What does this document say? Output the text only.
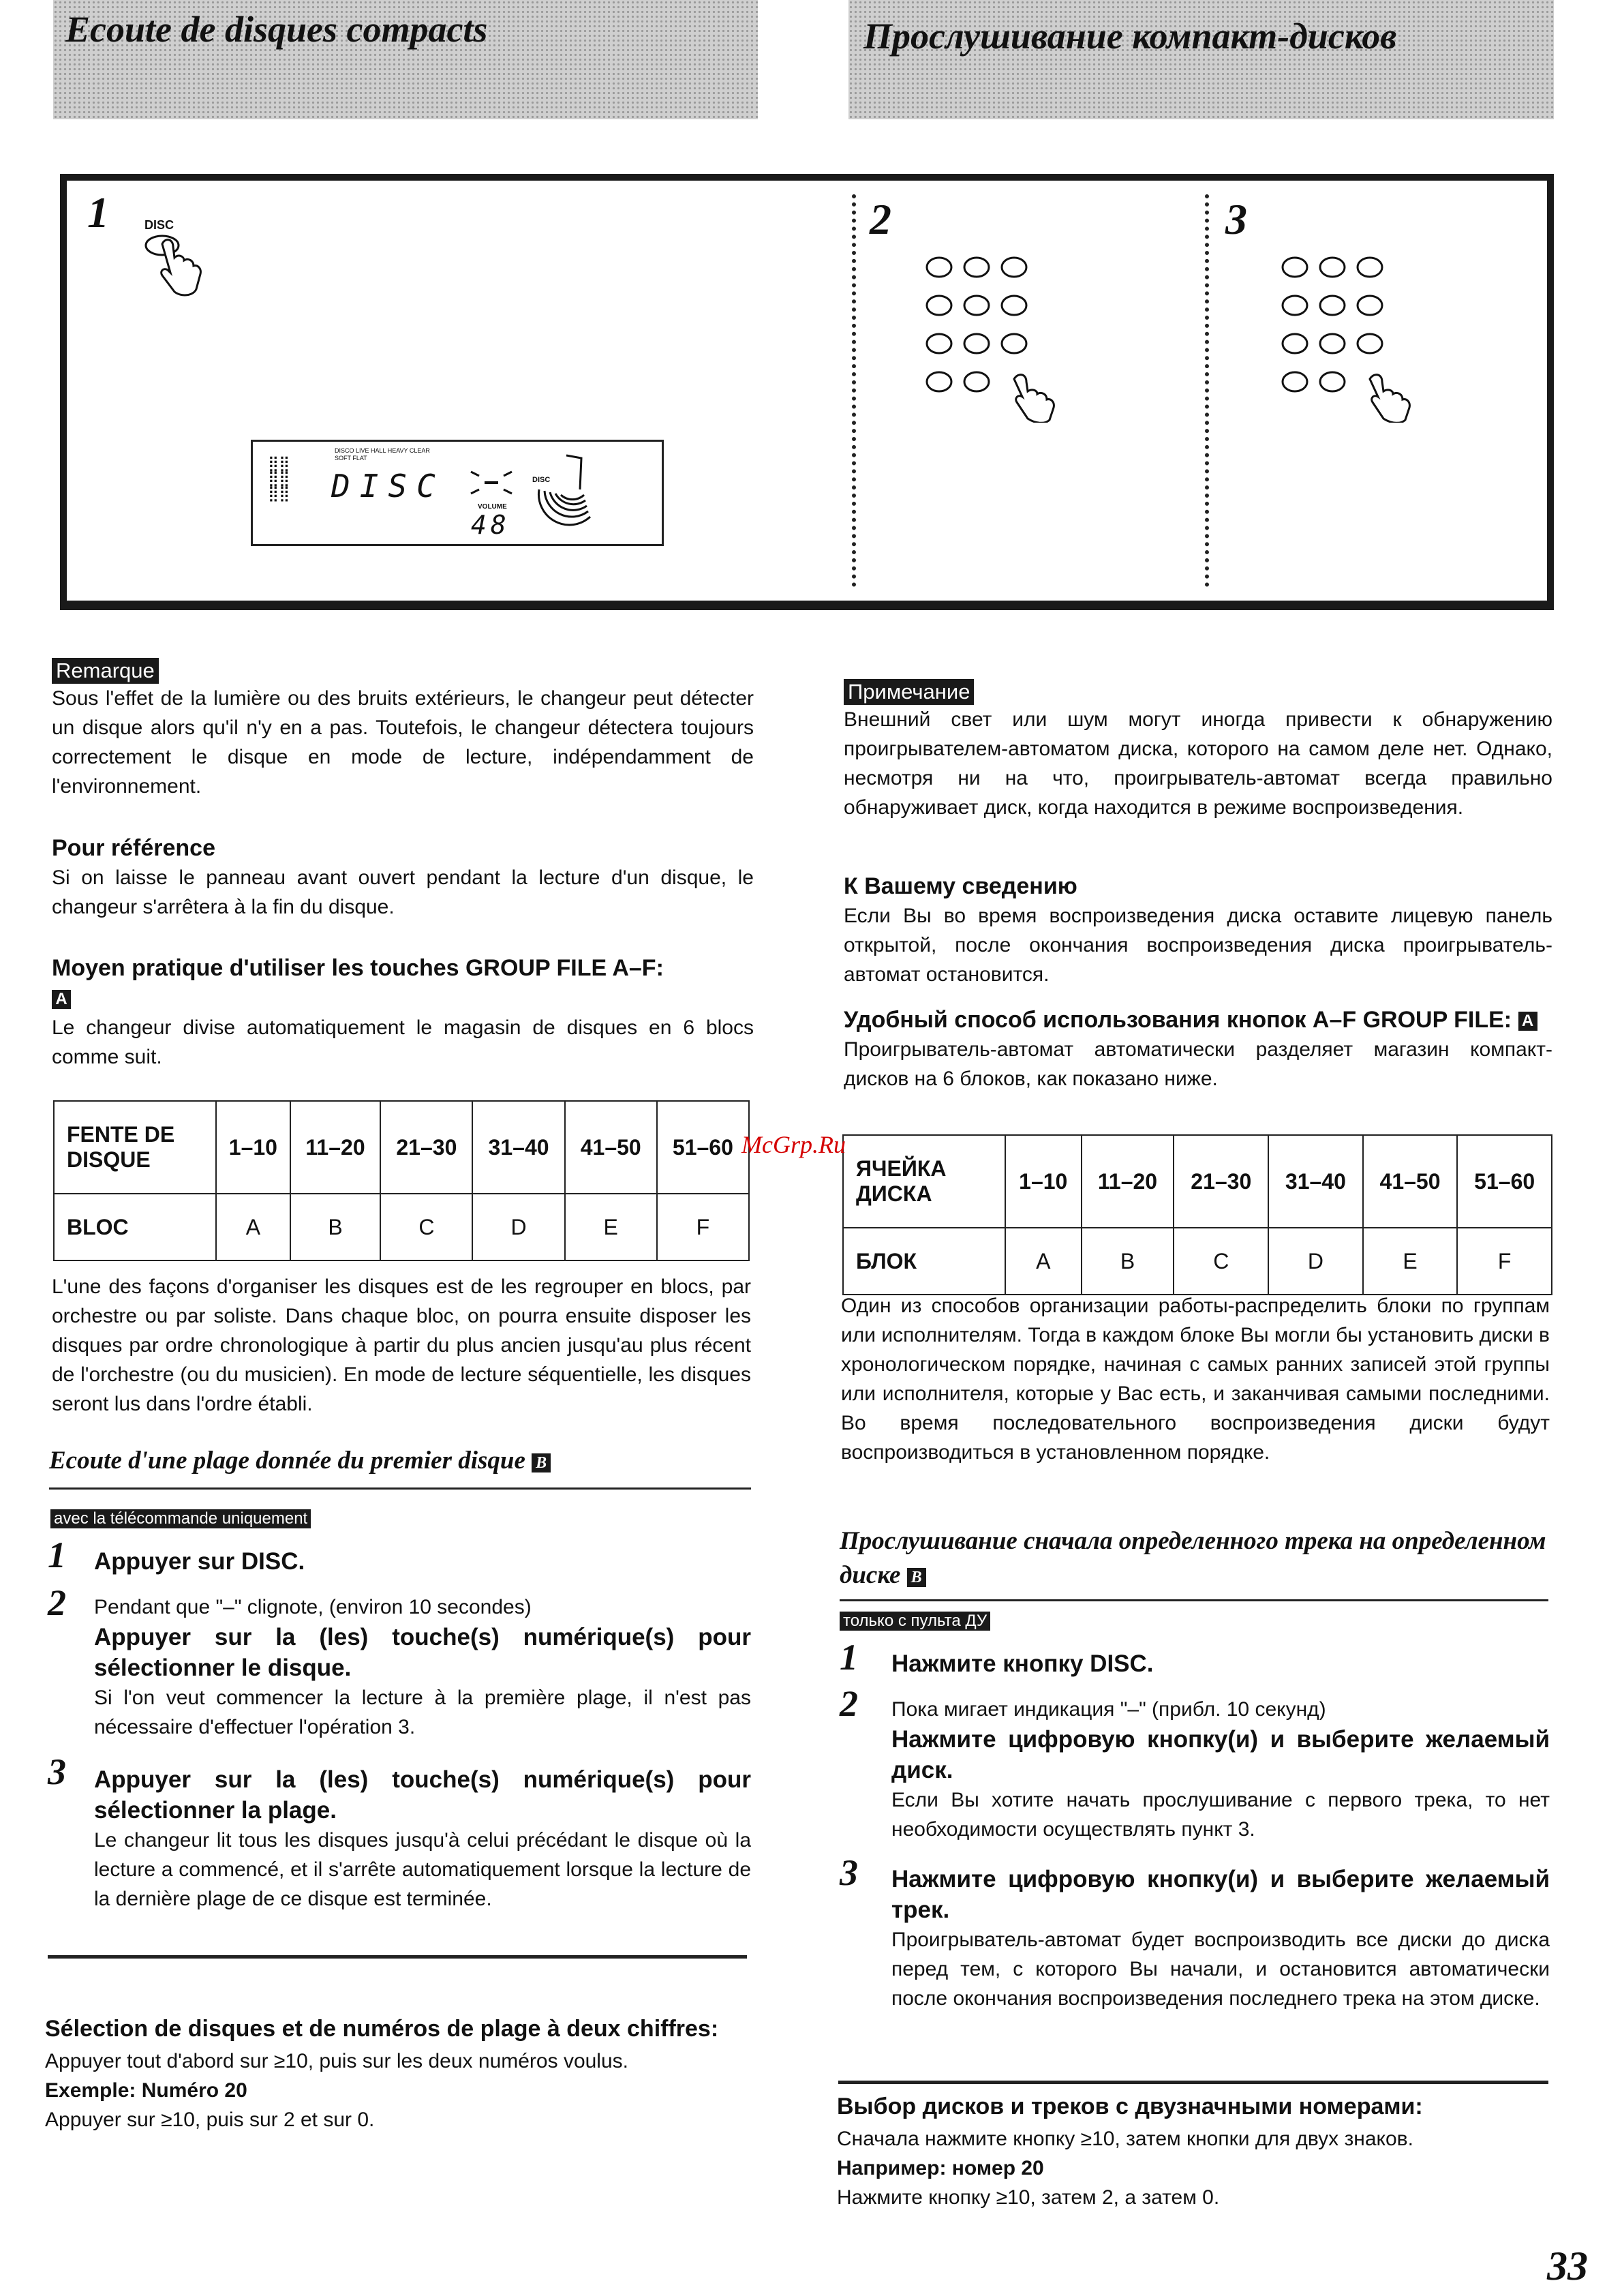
Ecoute de disques compacts	Прослушивание компакт-дисков
1	2	3
DISC
⣿⣿
⣿⣿
⣿⣿
DISCO LIVE HALL HEAVY CLEAR SOFT FLAT
DISC
VOLUME
48
DISC
Remarque

Sous l'effet de la lumière ou des bruits extérieurs, le changeur peut détecter un disque alors qu'il n'y en a pas. Toutefois, le changeur détectera toujours correctement le disque en mode de lecture, indépendamment de l'environnement.

Pour référence

Si on laisse le panneau avant ouvert pendant la lecture d'un disque, le changeur s'arrêtera à la fin du disque.

Moyen pratique d'utiliser les touches GROUP FILE A–F:
A

Le changeur divise automatiquement le magasin de disques en 6 blocs comme suit.

FENTE DE DISQUE	1–10	11–20	21–30	31–40	41–50	51–60
BLOC	A	B	C	D	E	F

L'une des façons d'organiser les disques est de les regrouper en blocs, par orchestre ou par soliste. Dans chaque bloc, on pourra ensuite disposer les disques par ordre chronologique à partir du plus ancien jusqu'au plus récent de l'orchestre (ou du musicien). En mode de lecture séquentielle, les disques seront lus dans l'ordre établi.

Ecoute d'une plage donnée du premier disque B

avec la télécommande uniquement
1 Appuyer sur DISC.

2 Pendant que "–" clignote, (environ 10 secondes)

Appuyer sur la (les) touche(s) numérique(s) pour sélectionner le disque.

Si l'on veut commencer la lecture à la première plage, il n'est pas nécessaire d'effectuer l'opération 3.

3 Appuyer sur la (les) touche(s) numérique(s) pour sélectionner la plage.

Le changeur lit tous les disques jusqu'à celui précédant le disque où la lecture a commencé, et il s'arrête automatiquement lorsque la lecture de la dernière plage de ce disque est terminée.

Sélection de disques et de numéros de plage à deux chiffres:

Appuyer tout d'abord sur ≥10, puis sur les deux numéros voulus.

Exemple: Numéro 20

Appuyer sur ≥10, puis sur 2 et sur 0.

Примечание

Внешний свет или шум могут иногда привести к обнаружению проигрывателем-автоматом диска, которого на самом деле нет. Однако, несмотря ни на что, проигрыватель-автомат всегда правильно обнаруживает диск, когда находится в режиме воспроизведения.

К Вашему сведению

Если Вы во время воспроизведения диска оставите лицевую панель открытой, после окончания воспроизведения диска проигрыватель-автомат остановится.

Удобный способ использования кнопок A–F GROUP FILE: A

Проигрыватель-автомат автоматически разделяет магазин компакт-дисков на 6 блоков, как показано ниже.

ЯЧЕЙКА ДИСКА	1–10	11–20	21–30	31–40	41–50	51–60
БЛОК	A	B	C	D	E	F

Один из способов организации работы-распределить блоки по группам или исполнителям. Тогда в каждом блоке Вы могли бы установить диски в хронологическом порядке, начиная с самых ранних записей этой группы или исполнителя, которые у Вас есть, и заканчивая самыми последними. Во время последовательного воспроизведения диски будут воспроизводиться в установленном порядке.

Прослушивание сначала определенного трека на определенном диске B

только с пульта ДУ
1 Нажмите кнопку DISC.

2 Пока мигает индикация "–" (прибл. 10 секунд)

Нажмите цифровую кнопку(и) и выберите желаемый диск.

Если Вы хотите начать прослушивание с первого трека, то нет необходимости осуществлять пункт 3.

3 Нажмите цифровую кнопку(и) и выберите желаемый трек.

Проигрыватель-автомат будет воспроизводить все диски до диска перед тем, с которого Вы начали, и остановится автоматически после окончания воспроизведения последнего трека на этом диске.

Выбор дисков и треков с двузначными номерами:

Сначала нажмите кнопку ≥10, затем кнопки для двух знаков.

Например: номер 20

Нажмите кнопку ≥10, затем 2, а затем 0.

McGrp.Ru
33
